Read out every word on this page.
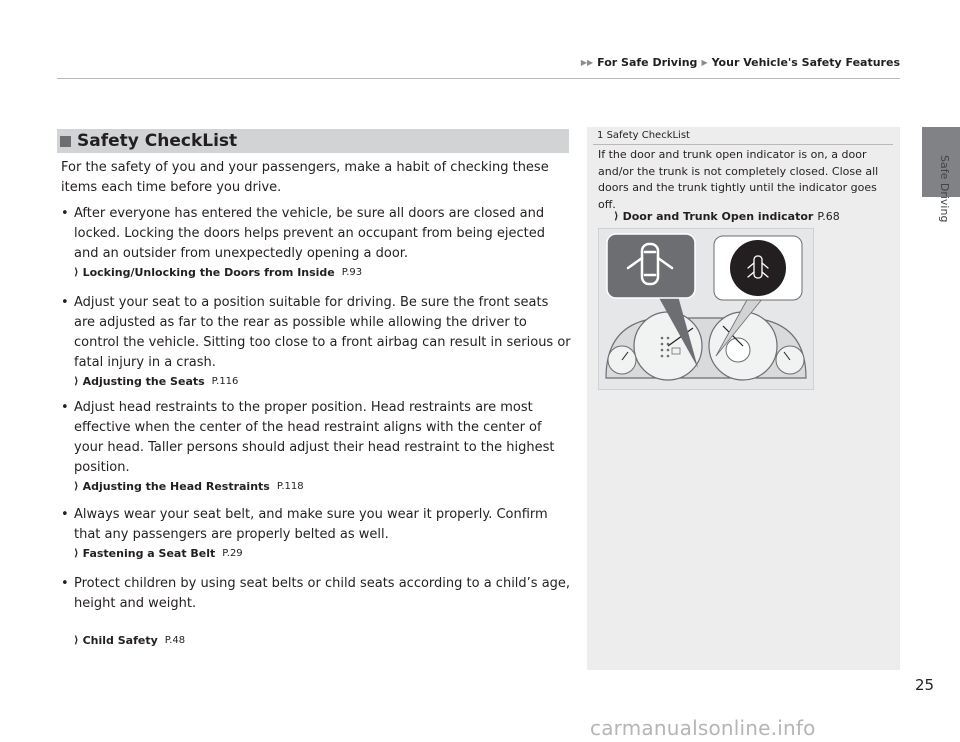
▶▶ For Safe Driving ▶ Your Vehicle's Safety Features
Safe Driving
Safety CheckList

For the safety of you and your passengers, make a habit of checking these items each time before you drive.

• After everyone has entered the vehicle, be sure all doors are closed and locked. Locking the doors helps prevent an occupant from being ejected and an outsider from unexpectedly opening a door.
⟩ Locking/Unlocking the Doors from Inside P.93
• Adjust your seat to a position suitable for driving. Be sure the front seats are adjusted as far to the rear as possible while allowing the driver to control the vehicle. Sitting too close to a front airbag can result in serious or fatal injury in a crash.
⟩ Adjusting the Seats P.116
• Adjust head restraints to the proper position. Head restraints are most effective when the center of the head restraint aligns with the center of your head. Taller persons should adjust their head restraint to the highest position.
⟩ Adjusting the Head Restraints P.118
• Always wear your seat belt, and make sure you wear it properly. Confirm that any passengers are properly belted as well.
⟩ Fastening a Seat Belt P.29
• Protect children by using seat belts or child seats according to a child’s age, height and weight.
⟩ Child Safety P.48
1 Safety CheckList
If the door and trunk open indicator is on, a door and/or the trunk is not completely closed. Close all doors and the trunk tightly until the indicator goes off.
⟩ Door and Trunk Open indicator P.68
25
carmanualsonline.info
